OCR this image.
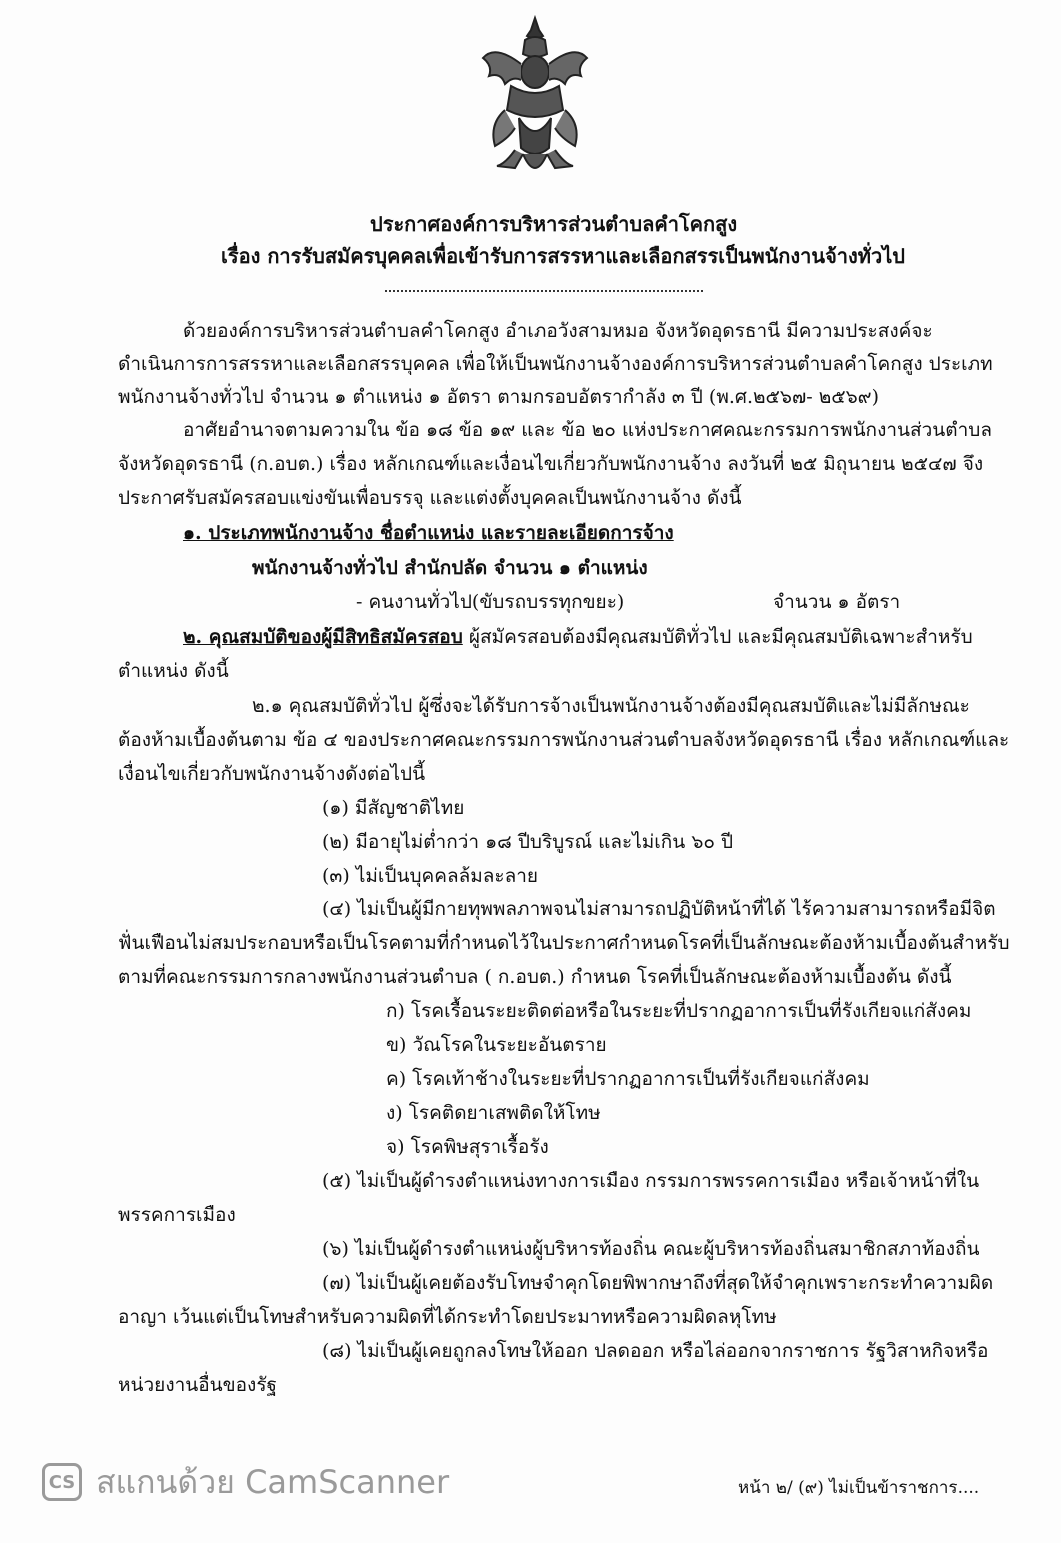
ประกาศองค์การบริหารส่วนตำบลคำโคกสูง
เรื่อง การรับสมัครบุคคลเพื่อเข้ารับการสรรหาและเลือกสรรเป็นพนักงานจ้างทั่วไป
ด้วยองค์การบริหารส่วนตำบลคำโคกสูง อำเภอวังสามหมอ จังหวัดอุดรธานี มีความประสงค์จะ
ดำเนินการการสรรหาและเลือกสรรบุคคล เพื่อให้เป็นพนักงานจ้างองค์การบริหารส่วนตำบลคำโคกสูง ประเภท
พนักงานจ้างทั่วไป จำนวน ๑ ตำแหน่ง ๑ อัตรา ตามกรอบอัตรากำลัง ๓ ปี (พ.ศ.๒๕๖๗- ๒๕๖๙)
อาศัยอำนาจตามความใน ข้อ ๑๘ ข้อ ๑๙ และ ข้อ ๒๐ แห่งประกาศคณะกรรมการพนักงานส่วนตำบล
จังหวัดอุดรธานี (ก.อบต.) เรื่อง หลักเกณฑ์และเงื่อนไขเกี่ยวกับพนักงานจ้าง ลงวันที่ ๒๕ มิถุนายน ๒๕๔๗ จึง
ประกาศรับสมัครสอบแข่งขันเพื่อบรรจุ และแต่งตั้งบุคคลเป็นพนักงานจ้าง ดังนี้
๑. ประเภทพนักงานจ้าง ชื่อตำแหน่ง และรายละเอียดการจ้าง
พนักงานจ้างทั่วไป สำนักปลัด จำนวน ๑ ตำแหน่ง
- คนงานทั่วไป(ขับรถบรรทุกขยะ)	จำนวน ๑ อัตรา
๒. คุณสมบัติของผู้มีสิทธิสมัครสอบ ผู้สมัครสอบต้องมีคุณสมบัติทั่วไป และมีคุณสมบัติเฉพาะสำหรับ
ตำแหน่ง ดังนี้
๒.๑ คุณสมบัติทั่วไป ผู้ซึ่งจะได้รับการจ้างเป็นพนักงานจ้างต้องมีคุณสมบัติและไม่มีลักษณะ
ต้องห้ามเบื้องต้นตาม ข้อ ๔ ของประกาศคณะกรรมการพนักงานส่วนตำบลจังหวัดอุดรธานี เรื่อง หลักเกณฑ์และ
เงื่อนไขเกี่ยวกับพนักงานจ้างดังต่อไปนี้
(๑) มีสัญชาติไทย
(๒) มีอายุไม่ต่ำกว่า ๑๘ ปีบริบูรณ์ และไม่เกิน ๖๐ ปี
(๓) ไม่เป็นบุคคลล้มละลาย
(๔) ไม่เป็นผู้มีกายทุพพลภาพจนไม่สามารถปฏิบัติหน้าที่ได้ ไร้ความสามารถหรือมีจิต
ฟั่นเฟือนไม่สมประกอบหรือเป็นโรคตามที่กำหนดไว้ในประกาศกำหนดโรคที่เป็นลักษณะต้องห้ามเบื้องต้นสำหรับ
ตามที่คณะกรรมการกลางพนักงานส่วนตำบล ( ก.อบต.) กำหนด โรคที่เป็นลักษณะต้องห้ามเบื้องต้น ดังนี้
ก) โรคเรื้อนระยะติดต่อหรือในระยะที่ปรากฏอาการเป็นที่รังเกียจแก่สังคม
ข) วัณโรคในระยะอันตราย
ค) โรคเท้าช้างในระยะที่ปรากฏอาการเป็นที่รังเกียจแก่สังคม
ง) โรคติดยาเสพติดให้โทษ
จ) โรคพิษสุราเรื้อรัง
(๕) ไม่เป็นผู้ดำรงตำแหน่งทางการเมือง กรรมการพรรคการเมือง หรือเจ้าหน้าที่ใน
พรรคการเมือง
(๖) ไม่เป็นผู้ดำรงตำแหน่งผู้บริหารท้องถิ่น คณะผู้บริหารท้องถิ่นสมาชิกสภาท้องถิ่น
(๗) ไม่เป็นผู้เคยต้องรับโทษจำคุกโดยพิพากษาถึงที่สุดให้จำคุกเพราะกระทำความผิด
อาญา เว้นแต่เป็นโทษสำหรับความผิดที่ได้กระทำโดยประมาทหรือความผิดลหุโทษ
(๘) ไม่เป็นผู้เคยถูกลงโทษให้ออก ปลดออก หรือไล่ออกจากราชการ รัฐวิสาหกิจหรือ
หน่วยงานอื่นของรัฐ
CS สแกนด้วย CamScanner	หน้า ๒/ (๙) ไม่เป็นข้าราชการ....
